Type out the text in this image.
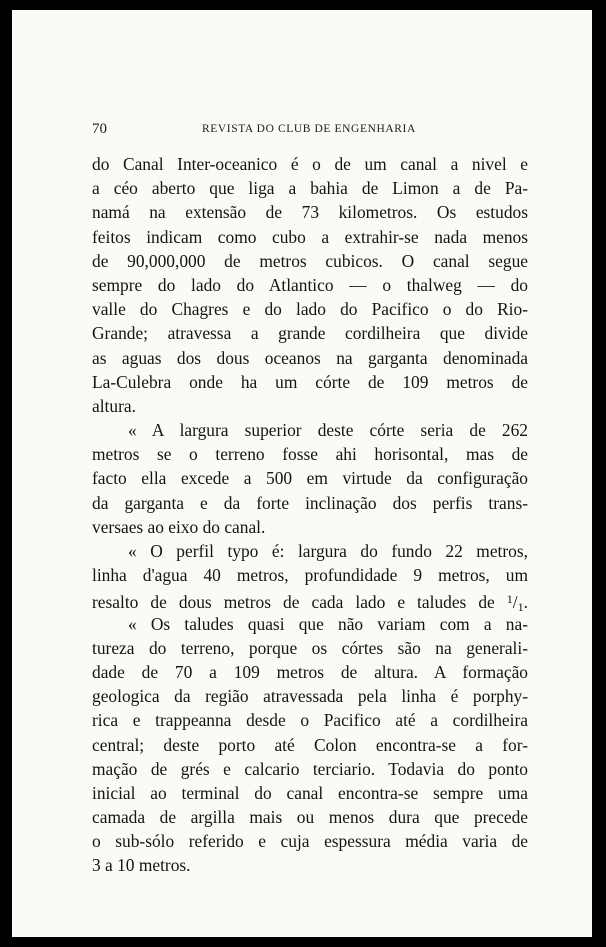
70	REVISTA DO CLUB DE ENGENHARIA
do Canal Inter-oceanico é o de um canal a nivel e
a céo aberto que liga a bahia de Limon a de Pa-
namá na extensão de 73 kilometros. Os estudos
feitos indicam como cubo a extrahir-se nada menos
de 90,000,000 de metros cubicos. O canal segue
sempre do lado do Atlantico — o thalweg — do
valle do Chagres e do lado do Pacifico o do Rio-
Grande; atravessa a grande cordilheira que divide
as aguas dos dous oceanos na garganta denominada
La-Culebra onde ha um córte de 109 metros de
altura.
« A largura superior deste córte seria de 262
metros se o terreno fosse ahi horisontal, mas de
facto ella excede a 500 em virtude da configuração
da garganta e da forte inclinação dos perfis trans-
versaes ao eixo do canal.
« O perfil typo é: largura do fundo 22 metros,
linha d'agua 40 metros, profundidade 9 metros, um
resalto de dous metros de cada lado e taludes de $^1$/1.
« Os taludes quasi que não variam com a na-
tureza do terreno, porque os córtes são na generali-
dade de 70 a 109 metros de altura. A formação
geologica da região atravessada pela linha é porphy-
rica e trappeanna desde o Pacifico até a cordilheira
central; deste porto até Colon encontra-se a for-
mação de grés e calcario terciario. Todavia do ponto
inicial ao terminal do canal encontra-se sempre uma
camada de argilla mais ou menos dura que precede
o sub-sólo referido e cuja espessura média varia de
3 a 10 metros.
